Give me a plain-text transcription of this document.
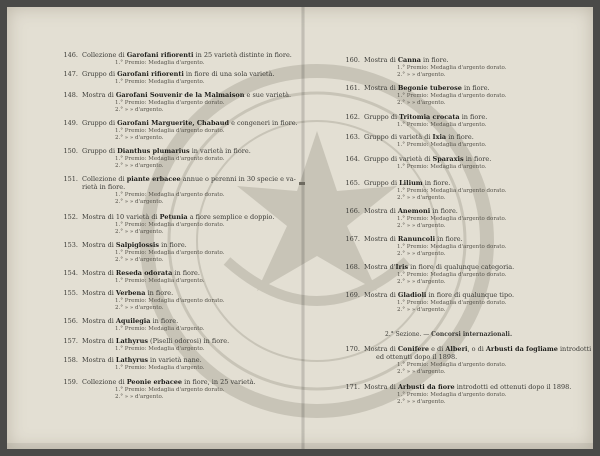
146. Collezione di Garofani rifiorenti in 25 varietà distinte in fiore.
1.° Premio: Medaglia d'argento.
147. Gruppo di Garofani rifiorenti in fiore di una sola varietà.
1.° Premio: Medaglia d'argento.
148. Mostra di Garofani Souvenir de la Malmaison e sue varietà.
1.° Premio: Medaglia d'argento dorato.
2.° » » d'argento.
149. Gruppo di Garofani Marguerite, Chabaud e congeneri in fiore.
1.° Premio: Medaglia d'argento dorato.
2.° » » d'argento.
150. Gruppo di Dianthus plumarius in varietà in fiore.
1.° Premio: Medaglia d'argento dorato.
2.° » » d'argento.
151. Collezione di piante erbacee annue o perenni in 30 specie e va-
rietà in fiore.
1.° Premio: Medaglia d'argento dorato.
2.° » » d'argento.
152. Mostra di 10 varietà di Petunia a fiore semplice e doppio.
1.° Premio: Medaglia d'argento dorato.
2.° » » d'argento.
153. Mostra di Salpiglossis in fiore.
1.° Premio: Medaglia d'argento dorato.
2.° » » d'argento.
154. Mostra di Reseda odorata in fiore.
1.° Premio: Medaglia d'argento.
155. Mostra di Verbena in fiore.
1.° Premio: Medaglia d'argento dorato.
2.° » » d'argento.
156. Mostra di Aquilegia in fiore.
1.° Premio: Medaglia d'argento.
157. Mostra di Lathyrus (Piselli odorosi) in fiore.
1.° Premio: Medaglia d'argento.
158. Mostra di Lathyrus in varietà nane.
1.° Premio: Medaglia d'argento.
159. Collezione di Peonie erbacee in fiore, in 25 varietà.
1.° Premio: Medaglia d'argento dorato.
2.° » » d'argento.
160. Mostra di Canna in fiore.
1.° Premio: Medaglia d'argento dorato.
2.° » » d'argento.
161. Mostra di Begonie tuberose in fiore.
1.° Premio: Medaglia d'argento dorato.
2.° » » d'argento.
162. Gruppo di Tritomia crocata in fiore.
1.° Premio: Medaglia d'argento.
163. Gruppo di varietà di Ixia in fiore.
1.° Premio: Medaglia d'argento.
164. Gruppo di varietà di Sparaxis in fiore.
1.° Premio: Medaglia d'argento.
165. Gruppo di Lilium in fiore.
1.° Premio: Medaglia d'argento dorato.
2.° » » d'argento.
166. Mostra di Anemoni in fiore.
1.° Premio: Medaglia d'argento dorato.
2.° » » d'argento.
167. Mostra di Ranuncoli in fiore.
1.° Premio: Medaglia d'argento dorato.
2.° » » d'argento.
168. Mostra d'Iris in fiore di qualunque categoria.
1.° Premio: Medaglia d'argento dorato.
2.° » » d'argento.
169. Mostra di Gladioli in fiore di qualunque tipo.
1.° Premio: Medaglia d'argento dorato.
2.° » » d'argento.
170. Mostra di Conifere e di Alberi, o di Arbusti da fogliame introdotti
ed ottenuti dopo il 1898.
1.° Premio: Medaglia d'argento dorato.
2.° » » d'argento.
171. Mostra di Arbusti da fiore introdotti ed ottenuti dopo il 1898.
1.° Premio: Medaglia d'argento dorato.
2.° » » d'argento.
2.° Sezione. — Concorsi internazionali.
